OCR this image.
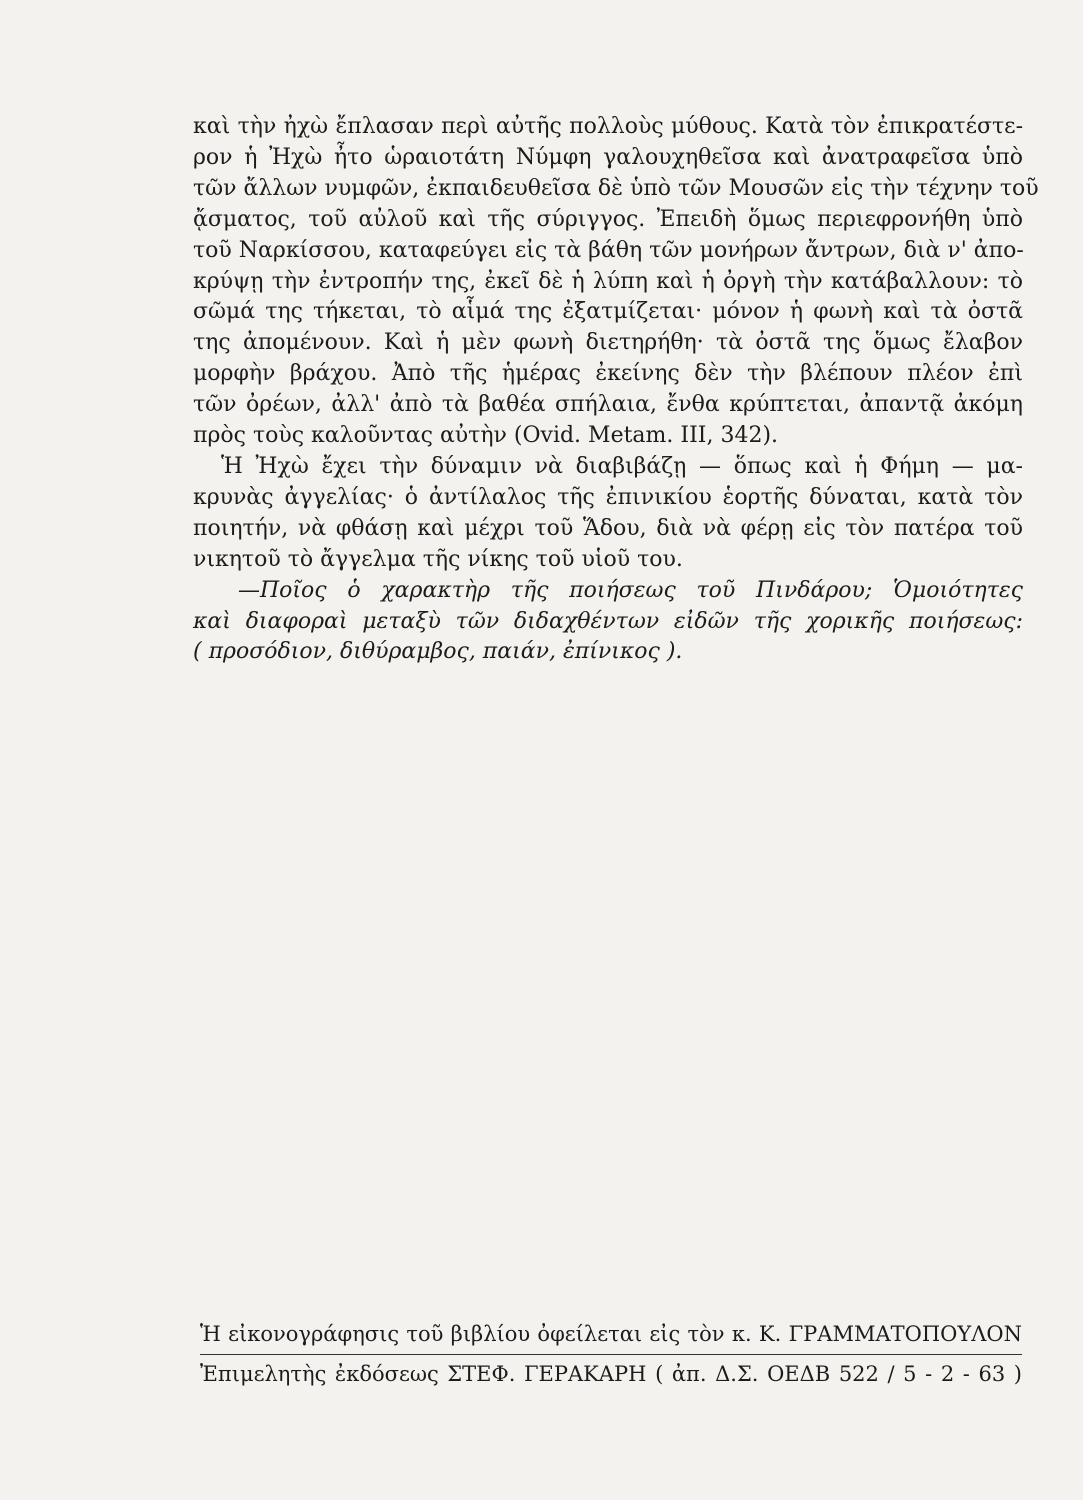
καὶ τὴν ἠχὼ ἔπλασαν περὶ αὐτῆς πολλοὺς μύθους. Κατὰ τὸν ἐπικρατέστε-
ρον ἡ Ἠχὼ ἦτο ὡραιοτάτη Νύμφη γαλουχηθεῖσα καὶ ἀνατραφεῖσα ὑπὸ
τῶν ἄλλων νυμφῶν, ἐκπαιδευθεῖσα δὲ ὑπὸ τῶν Μουσῶν εἰς τὴν τέχνην τοῦ
ᾄσματος, τοῦ αὐλοῦ καὶ τῆς σύριγγος. Ἐπειδὴ ὅμως περιεφρονήθη ὑπὸ
τοῦ Ναρκίσσου, καταφεύγει εἰς τὰ βάθη τῶν μονήρων ἄντρων, διὰ ν' ἀπο-
κρύψῃ τὴν ἐντροπήν της, ἐκεῖ δὲ ἡ λύπη καὶ ἡ ὀργὴ τὴν κατάβαλλουν: τὸ
σῶμά της τήκεται, τὸ αἷμά της ἐξατμίζεται· μόνον ἡ φωνὴ καὶ τὰ ὀστᾶ
της ἀπομένουν. Καὶ ἡ μὲν φωνὴ διετηρήθη· τὰ ὀστᾶ της ὅμως ἔλαβον
μορφὴν βράχου. Ἀπὸ τῆς ἡμέρας ἐκείνης δὲν τὴν βλέπουν πλέον ἐπὶ
τῶν ὀρέων, ἀλλ' ἀπὸ τὰ βαθέα σπήλαια, ἔνθα κρύπτεται, ἀπαντᾷ ἀκόμη
πρὸς τοὺς καλοῦντας αὐτὴν (Ovid. Metam. III, 342).
Ἡ Ἠχὼ ἔχει τὴν δύναμιν νὰ διαβιβάζῃ — ὅπως καὶ ἡ Φήμη — μα-
κρυνὰς ἀγγελίας· ὁ ἀντίλαλος τῆς ἐπινικίου ἑορτῆς δύναται, κατὰ τὸν
ποιητήν, νὰ φθάσῃ καὶ μέχρι τοῦ Ἅδου, διὰ νὰ φέρῃ εἰς τὸν πατέρα τοῦ
νικητοῦ τὸ ἄγγελμα τῆς νίκης τοῦ υἱοῦ του.
—Ποῖος ὁ χαρακτὴρ τῆς ποιήσεως τοῦ Πινδάρου; Ὁμοιότητες
καὶ διαφοραὶ μεταξὺ τῶν διδαχθέντων εἰδῶν τῆς χορικῆς ποιήσεως:
( προσόδιον, διθύραμβος, παιάν, ἐπίνικος ).
Ἡ εἰκονογράφησις τοῦ βιβλίου ὀφείλεται εἰς τὸν κ. Κ. ΓΡΑΜΜΑΤΟΠΟΥΛΟΝ
Ἐπιμελητὴς ἐκδόσεως ΣΤΕΦ. ΓΕΡΑΚΑΡΗ ( ἀπ. Δ.Σ. ΟΕΔΒ 522 / 5 - 2 - 63 )
